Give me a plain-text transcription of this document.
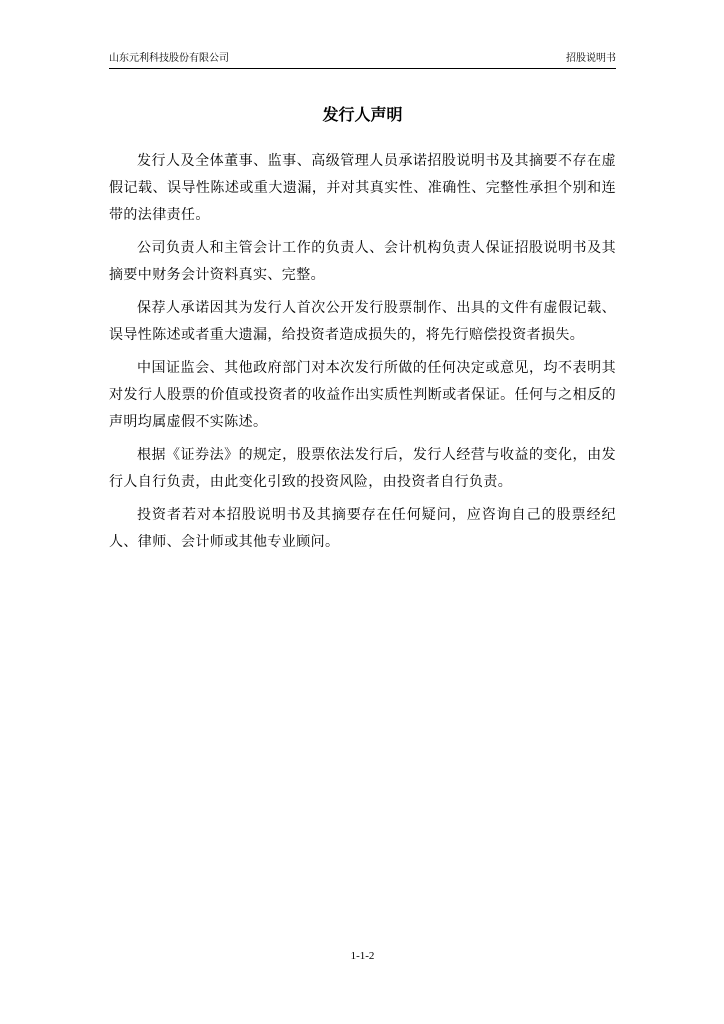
山东元利科技股份有限公司	招股说明书
发行人声明

发行人及全体董事、监事、高级管理人员承诺招股说明书及其摘要不存在虚假记载、误导性陈述或重大遗漏，并对其真实性、准确性、完整性承担个别和连带的法律责任。

公司负责人和主管会计工作的负责人、会计机构负责人保证招股说明书及其摘要中财务会计资料真实、完整。

保荐人承诺因其为发行人首次公开发行股票制作、出具的文件有虚假记载、误导性陈述或者重大遗漏，给投资者造成损失的，将先行赔偿投资者损失。

中国证监会、其他政府部门对本次发行所做的任何决定或意见，均不表明其对发行人股票的价值或投资者的收益作出实质性判断或者保证。任何与之相反的声明均属虚假不实陈述。

根据《证券法》的规定，股票依法发行后，发行人经营与收益的变化，由发行人自行负责，由此变化引致的投资风险，由投资者自行负责。

投资者若对本招股说明书及其摘要存在任何疑问，应咨询自己的股票经纪人、律师、会计师或其他专业顾问。

1-1-2
